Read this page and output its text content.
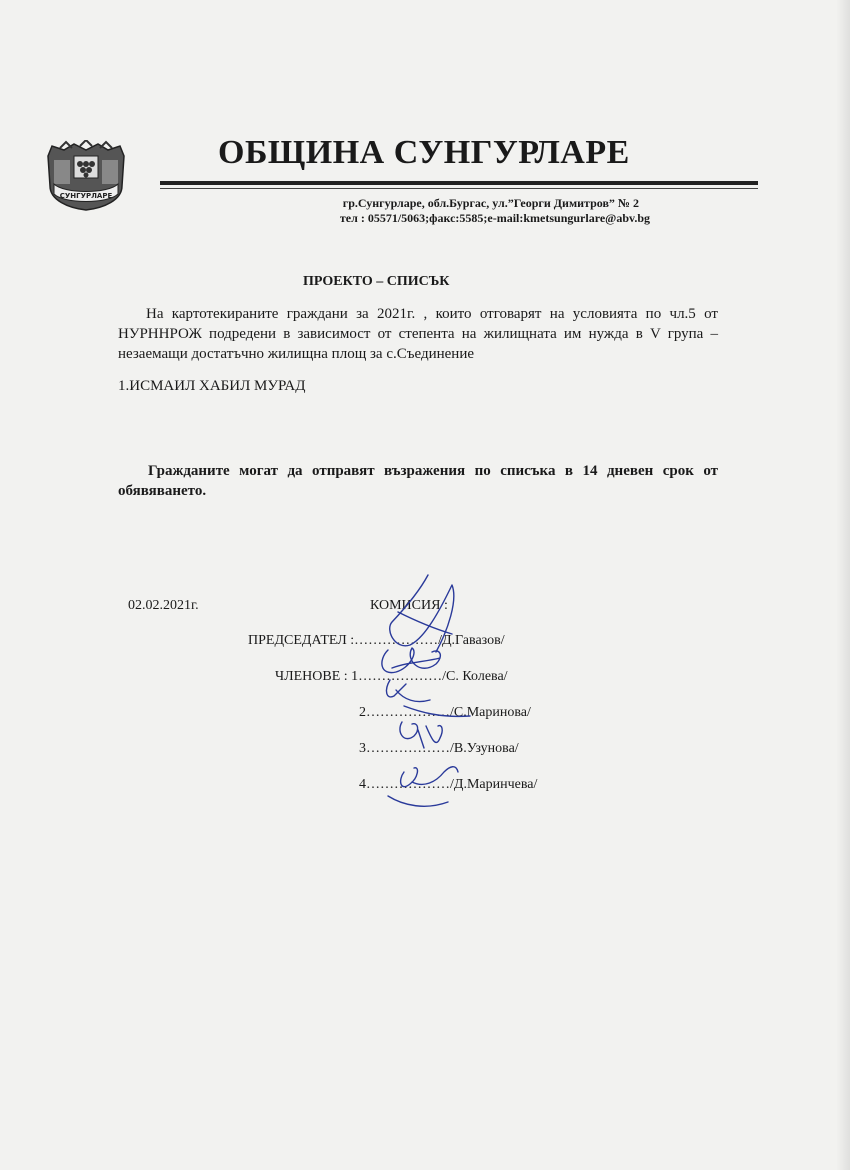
СУНГУРЛАРЕ
ОБЩИНА СУНГУРЛАРЕ
гр.Сунгурларе, обл.Бургас, ул.”Георги Димитров” № 2
тел : 05571/5063;факс:5585;e-mail:kmetsungurlare@abv.bg
ПРОЕКТО – СПИСЪК
На картотекираните граждани за 2021г. , които отговарят на условията по чл.5 от НУРННРОЖ подредени в зависимост от степента на жилищната им нужда в V група – незаемащи достатъчно жилищна площ за с.Съединение
1.ИСМАИЛ ХАБИЛ МУРАД
Гражданите могат да отправят възражения по списъка в 14 дневен срок от обявяването.
02.02.2021г.	КОМИСИЯ :
ПРЕДСЕДАТЕЛ :………………/Д.Гавазов/
ЧЛЕНОВЕ : 1………………/С. Колева/
2………………/С.Маринова/
3………………/В.Узунова/
4………………/Д.Маринчева/
